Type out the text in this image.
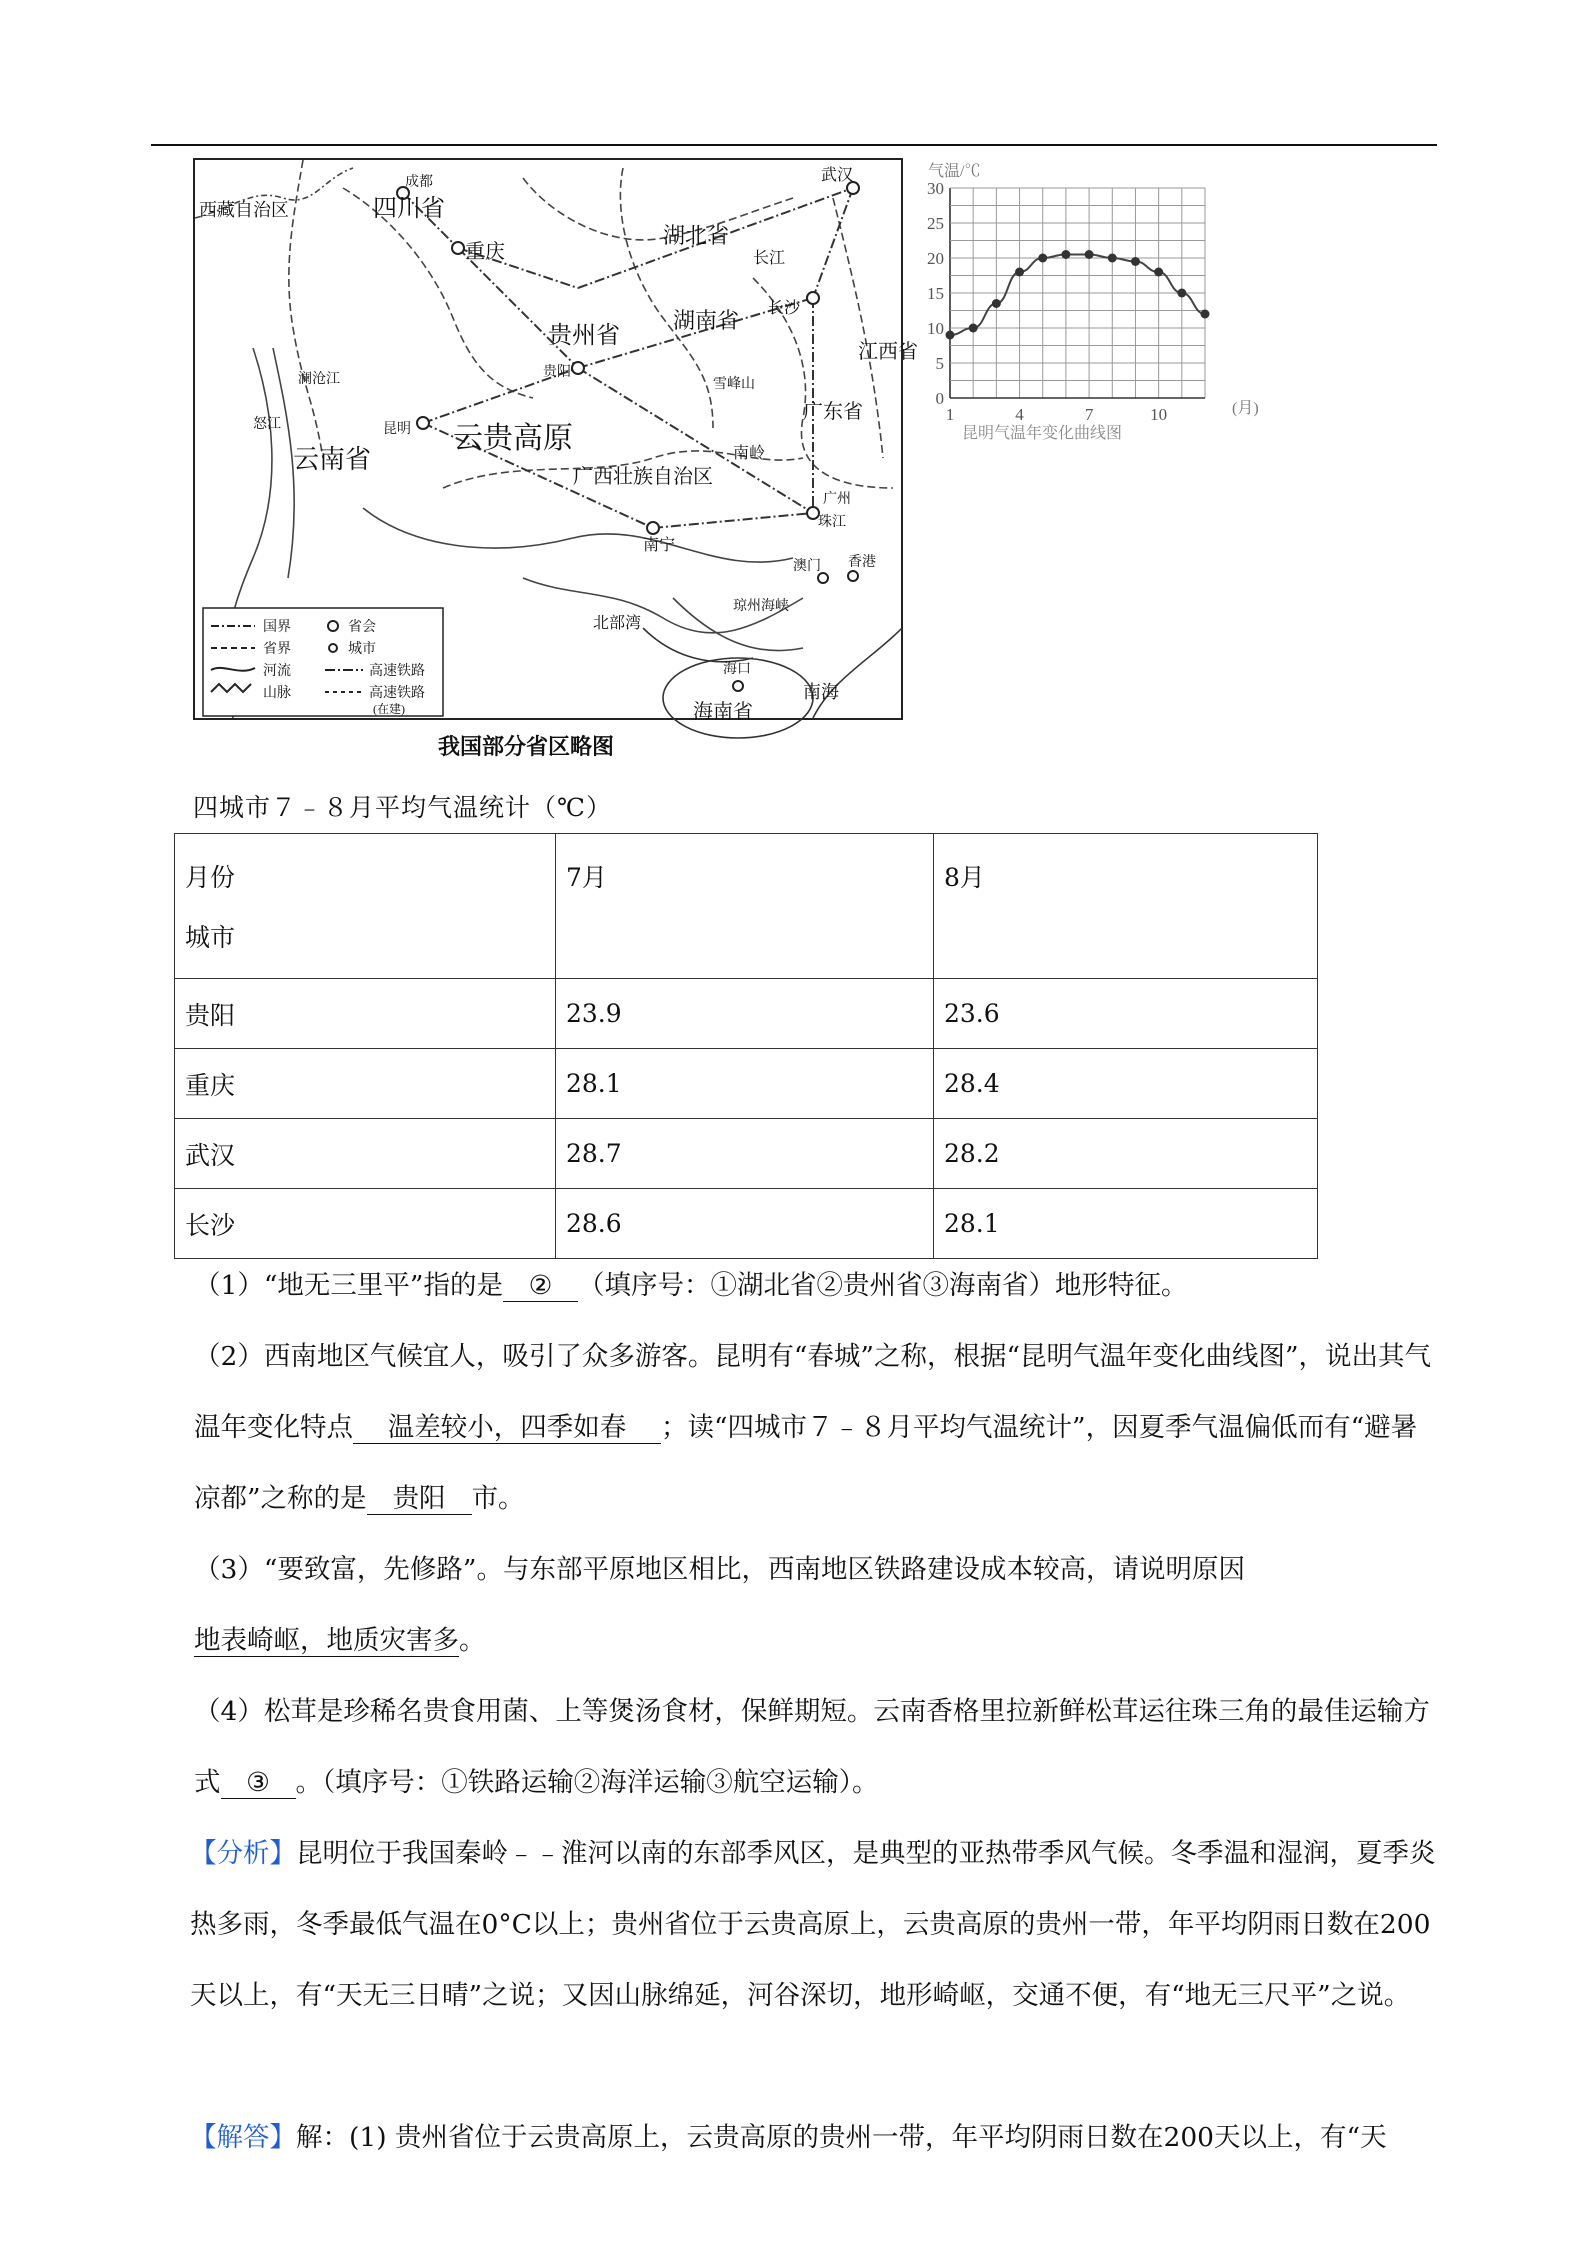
西藏自治区	四川省
湖北省
湖南省
贵州省
云南省
广西壮族自治区
广东省
江西省
海南省
成都
重庆
武汉
长沙
贵阳
昆明
南宁
广州
澳门 香港
海口
珠江
云贵高原
雪峰山
南岭
长江
澜沧江
怒江
北部湾
琼州海峡
南海
国界
省界
河流
山脉
省会
城市
高速铁路
高速铁路
(在建)
我国部分省区略图
0
5
10
15
20
25
30
1	4	7	10
气温/℃
(月)
昆明气温年变化曲线图
四城市７﹣８月平均气温统计（℃）
月份
城市	7月	8月
贵阳	23.9	23.6
重庆	28.1	28.4
武汉	28.7	28.2
长沙	28.6	28.1

（1）“地无三里平”指的是 ② （填序号：①湖北省②贵州省③海南省）地形特征。

（2）西南地区气候宜人，吸引了众多游客。昆明有“春城”之称，根据“昆明气温年变化曲线图”，说出其气温年变化特点 温差较小，四季如春 ；读“四城市７﹣８月平均气温统计”，因夏季气温偏低而有“避暑凉都”之称的是 贵阳 市。

（3）“要致富，先修路”。与东部平原地区相比，西南地区铁路建设成本较高，请说明原因地表崎岖，地质灾害多。

（4）松茸是珍稀名贵食用菌、上等煲汤食材，保鲜期短。云南香格里拉新鲜松茸运往珠三角的最佳运输方式 ③ 。（填序号：①铁路运输②海洋运输③航空运输）。

【分析】昆明位于我国秦岭﹣﹣淮河以南的东部季风区，是典型的亚热带季风气候。冬季温和湿润，夏季炎热多雨，冬季最低气温在0°C以上；贵州省位于云贵高原上，云贵高原的贵州一带，年平均阴雨日数在200天以上，有“天无三日晴”之说；又因山脉绵延，河谷深切，地形崎岖，交通不便，有“地无三尺平”之说。

【解答】解：(1) 贵州省位于云贵高原上，云贵高原的贵州一带，年平均阴雨日数在200天以上，有“天
